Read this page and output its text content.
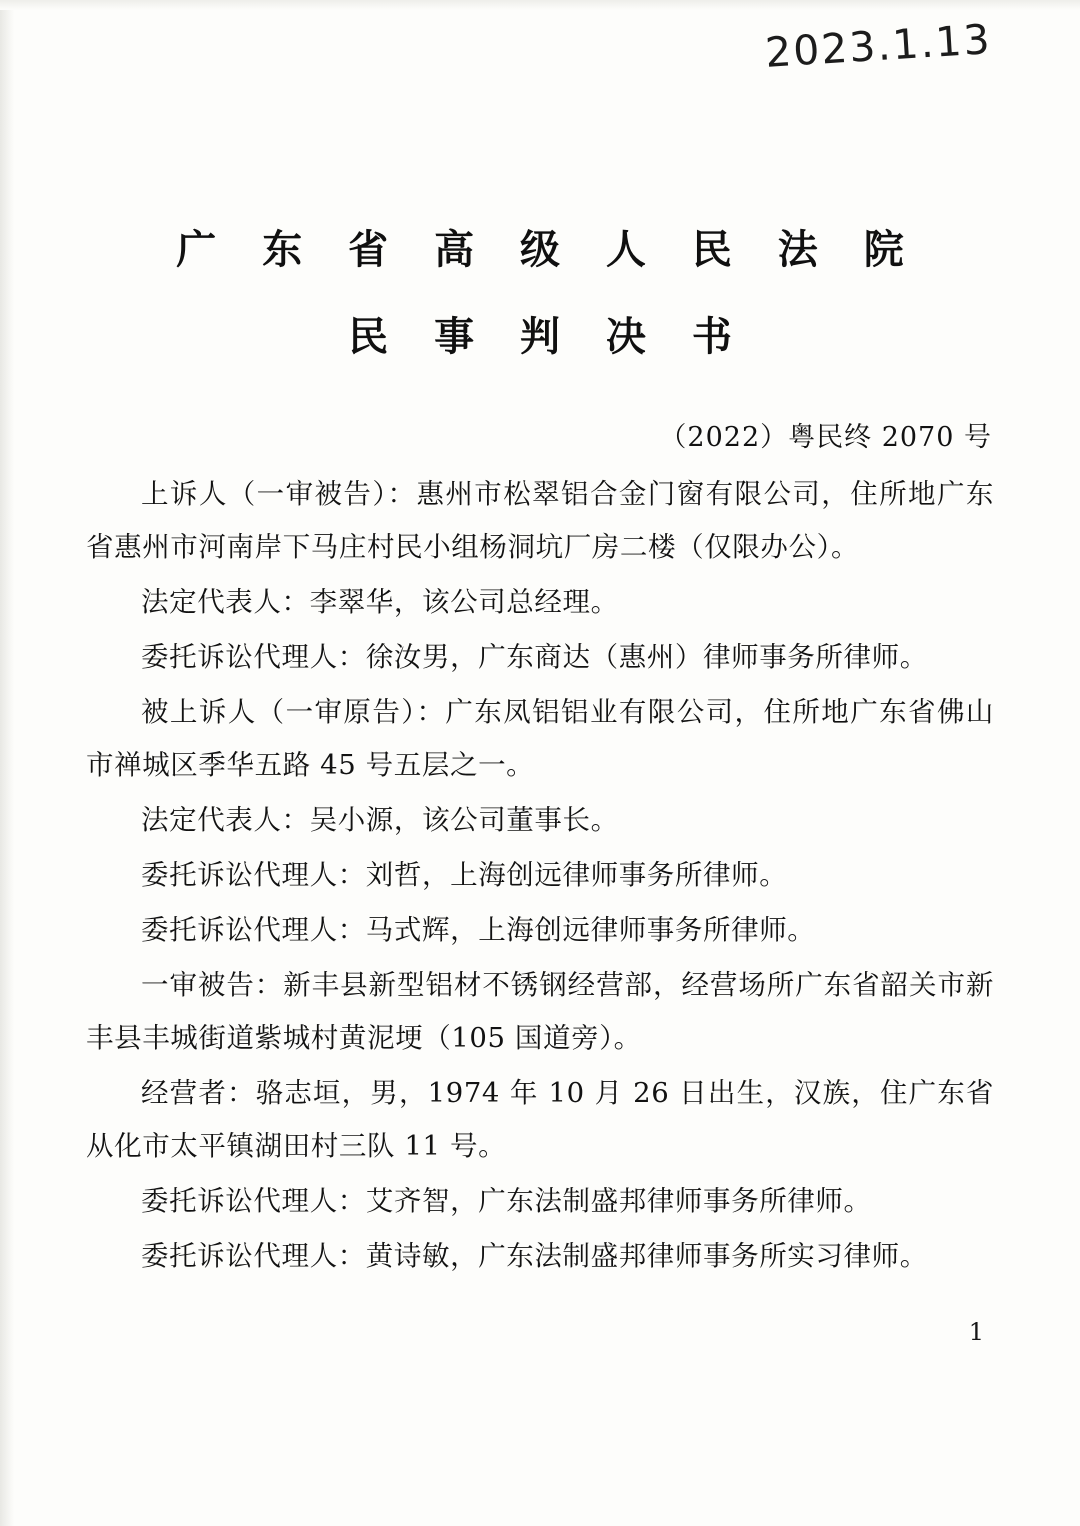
2023.1.13
广 东 省 高 级 人 民 法 院
民 事 判 决 书
（2022）粤民终 2070 号

上诉人（一审被告）：惠州市松翠铝合金门窗有限公司，住所地广东省惠州市河南岸下马庄村民小组杨洞坑厂房二楼（仅限办公）。

法定代表人：李翠华，该公司总经理。

委托诉讼代理人：徐汝男，广东商达（惠州）律师事务所律师。

被上诉人（一审原告）：广东凤铝铝业有限公司，住所地广东省佛山市禅城区季华五路 45 号五层之一。

法定代表人：吴小源，该公司董事长。

委托诉讼代理人：刘哲，上海创远律师事务所律师。

委托诉讼代理人：马式辉，上海创远律师事务所律师。

一审被告：新丰县新型铝材不锈钢经营部，经营场所广东省韶关市新丰县丰城街道紫城村黄泥埂（105 国道旁）。

经营者：骆志垣，男，1974 年 10 月 26 日出生，汉族，住广东省从化市太平镇湖田村三队 11 号。

委托诉讼代理人：艾齐智，广东法制盛邦律师事务所律师。

委托诉讼代理人：黄诗敏，广东法制盛邦律师事务所实习律师。

1
